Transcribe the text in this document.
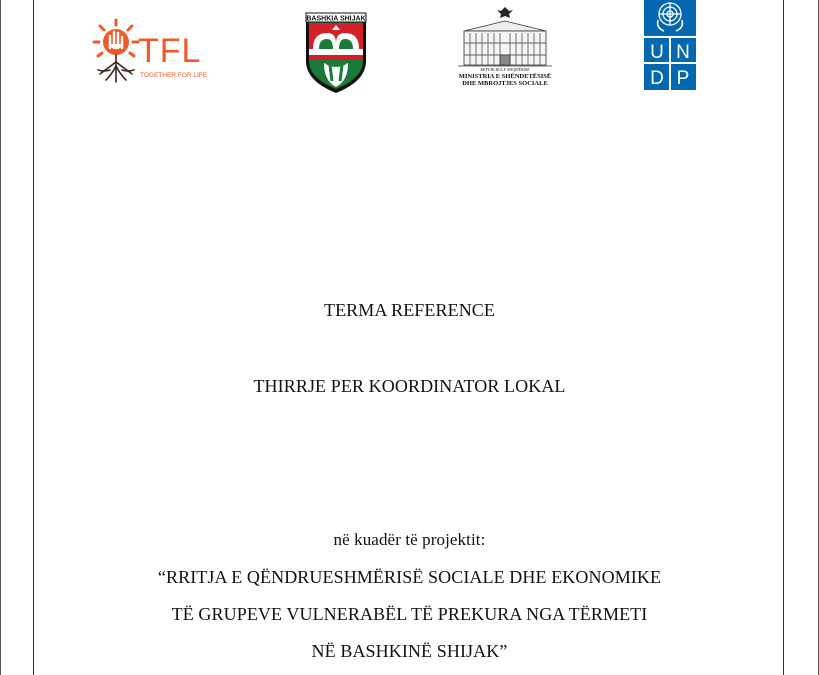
TFL
TOGETHER FOR LIFE
BASHKIA SHIJAK
REPUBLIKA E SHQIPËRISË
MINISTRIA E SHËNDETËSISË
DHE MBROJTJES SOCIALE
U N
D P
TERMA REFERENCE
THIRRJE PER KOORDINATOR LOKAL
në kuadër të projektit:
“RRITJA E QËNDRUESHMËRISË SOCIALE DHE EKONOMIKE
TË GRUPEVE VULNERABËL TË PREKURA NGA TËRMETI
NË BASHKINË SHIJAK”
